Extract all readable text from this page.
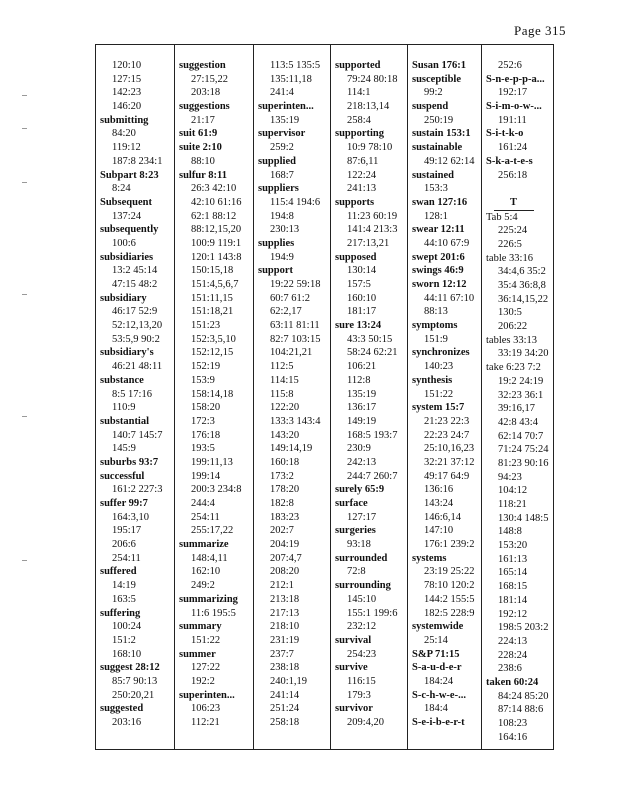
Page 315
120:10
127:15
142:23
146:20
submitting
84:20
119:12
187:8 234:1
Subpart 8:23
8:24
Subsequent
137:24
subsequently
100:6
subsidiaries
13:2 45:14
47:15 48:2
subsidiary
46:17 52:9
52:12,13,20
53:5,9 90:2
subsidiary's
46:21 48:11
substance
8:5 17:16
110:9
substantial
140:7 145:7
145:9
suburbs 93:7
successful
161:2 227:3
suffer 99:7
164:3,10
195:17
206:6
254:11
suffered
14:19
163:5
suffering
100:24
151:2
168:10
suggest 28:12
85:7 90:13
250:20,21
suggested
203:16
suggestion
27:15,22
203:18
suggestions
21:17
suit 61:9
suite 2:10
88:10
sulfur 8:11
26:3 42:10
42:10 61:16
62:1 88:12
88:12,15,20
100:9 119:1
120:1 143:8
150:15,18
151:4,5,6,7
151:11,15
151:18,21
151:23
152:3,5,10
152:12,15
152:19
153:9
158:14,18
158:20
172:3
176:18
193:5
199:11,13
199:14
200:3 234:8
244:4
254:11
255:17,22
summarize
148:4,11
162:10
249:2
summarizing
11:6 195:5
summary
151:22
summer
127:22
192:2
superinten...
106:23
112:21
113:5 135:5
135:11,18
241:4
superinten...
135:19
supervisor
259:2
supplied
168:7
suppliers
115:4 194:6
194:8
230:13
supplies
194:9
support
19:22 59:18
60:7 61:2
62:2,17
63:11 81:11
82:7 103:15
104:21,21
112:5
114:15
115:8
122:20
133:3 143:4
143:20
149:14,19
160:18
173:2
178:20
182:8
183:23
202:7
204:19
207:4,7
208:20
212:1
213:18
217:13
218:10
231:19
237:7
238:18
240:1,19
241:14
251:24
258:18
supported
79:24 80:18
114:1
218:13,14
258:4
supporting
10:9 78:10
87:6,11
122:24
241:13
supports
11:23 60:19
141:4 213:3
217:13,21
supposed
130:14
157:5
160:10
181:17
sure 13:24
43:3 50:15
58:24 62:21
106:21
112:8
135:19
136:17
149:19
168:5 193:7
230:9
242:13
244:7 260:7
surely 65:9
surface
127:17
surgeries
93:18
surrounded
72:8
surrounding
145:10
155:1 199:6
232:12
survival
254:23
survive
116:15
179:3
survivor
209:4,20
Susan 176:1
susceptible
99:2
suspend
250:19
sustain 153:1
sustainable
49:12 62:14
sustained
153:3
swan 127:16
128:1
swear 12:11
44:10 67:9
swept 201:6
swings 46:9
sworn 12:12
44:11 67:10
88:13
symptoms
151:9
synchronizes
140:23
synthesis
151:22
system 15:7
21:23 22:3
22:23 24:7
25:10,16,23
32:21 37:12
49:17 64:9
136:16
143:24
146:6,14
147:10
176:1 239:2
systems
23:19 25:22
78:10 120:2
144:2 155:5
182:5 228:9
systemwide
25:14
S&P 71:15
S-a-u-d-e-r
184:24
S-c-h-w-e-...
184:4
S-e-i-b-e-r-t
252:6
S-n-e-p-p-a...
192:17
S-i-m-o-w-...
191:11
S-i-t-k-o
161:24
S-k-a-t-e-s
256:18
T
Tab 5:4
225:24
226:5
table 33:16
34:4,6 35:2
35:4 36:8,8
36:14,15,22
130:5
206:22
tables 33:13
33:19 34:20
take 6:23 7:2
19:2 24:19
32:23 36:1
39:16,17
42:8 43:4
62:14 70:7
71:24 75:24
81:23 90:16
94:23
104:12
118:21
130:4 148:5
148:8
153:20
161:13
165:14
168:15
181:14
192:12
198:5 203:2
224:13
228:24
238:6
taken 60:24
84:24 85:20
87:14 88:6
108:23
164:16
